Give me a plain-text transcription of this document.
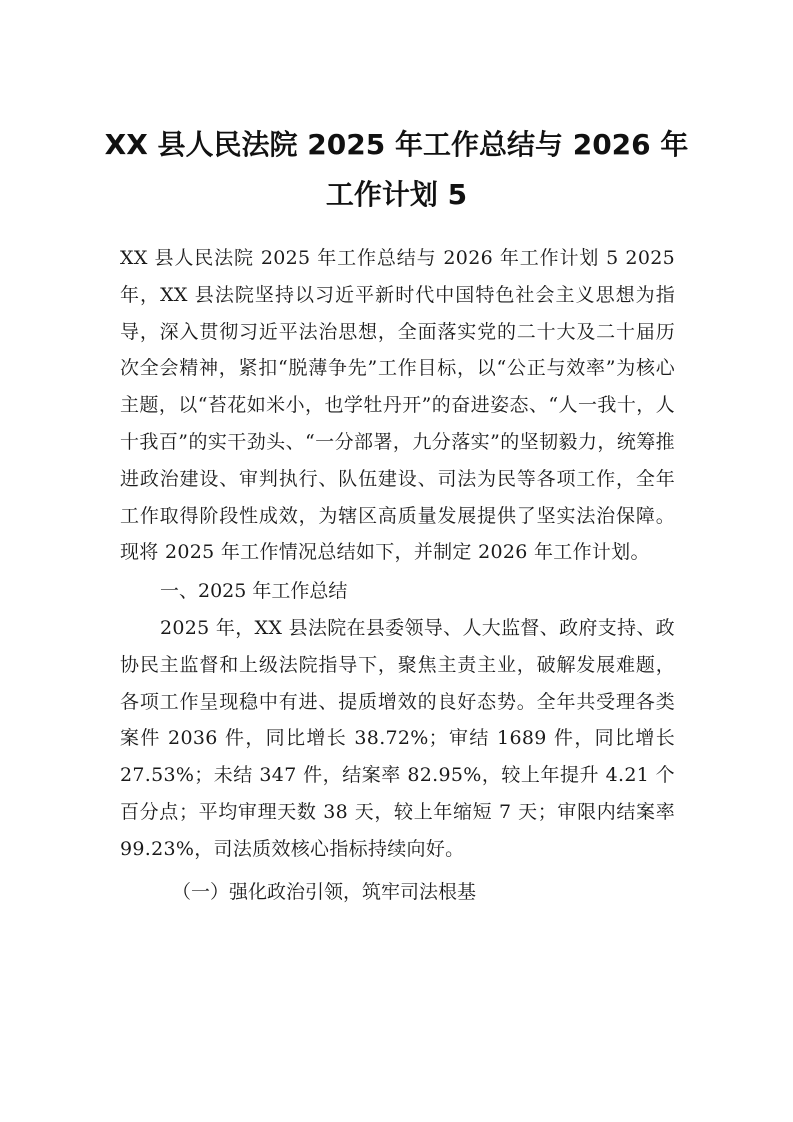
XX 县人民法院 2025 年工作总结与 2026 年工作计划 5

XX 县人民法院 2025 年工作总结与 2026 年工作计划 5 2025 年，XX 县法院坚持以习近平新时代中国特色社会主义思想为指导，深入贯彻习近平法治思想，全面落实党的二十大及二十届历次全会精神，紧扣“脱薄争先”工作目标，以“公正与效率”为核心主题，以“苔花如米小，也学牡丹开”的奋进姿态、“人一我十，人十我百”的实干劲头、“一分部署，九分落实”的坚韧毅力，统筹推进政治建设、审判执行、队伍建设、司法为民等各项工作，全年工作取得阶段性成效，为辖区高质量发展提供了坚实法治保障。现将 2025 年工作情况总结如下，并制定 2026 年工作计划。

一、2025 年工作总结

2025 年，XX 县法院在县委领导、人大监督、政府支持、政协民主监督和上级法院指导下，聚焦主责主业，破解发展难题，各项工作呈现稳中有进、提质增效的良好态势。全年共受理各类案件 2036 件，同比增长 38.72%；审结 1689 件，同比增长 27.53%；未结 347 件，结案率 82.95%，较上年提升 4.21 个百分点；平均审理天数 38 天，较上年缩短 7 天；审限内结案率 99.23%，司法质效核心指标持续向好。

（一）强化政治引领，筑牢司法根基
